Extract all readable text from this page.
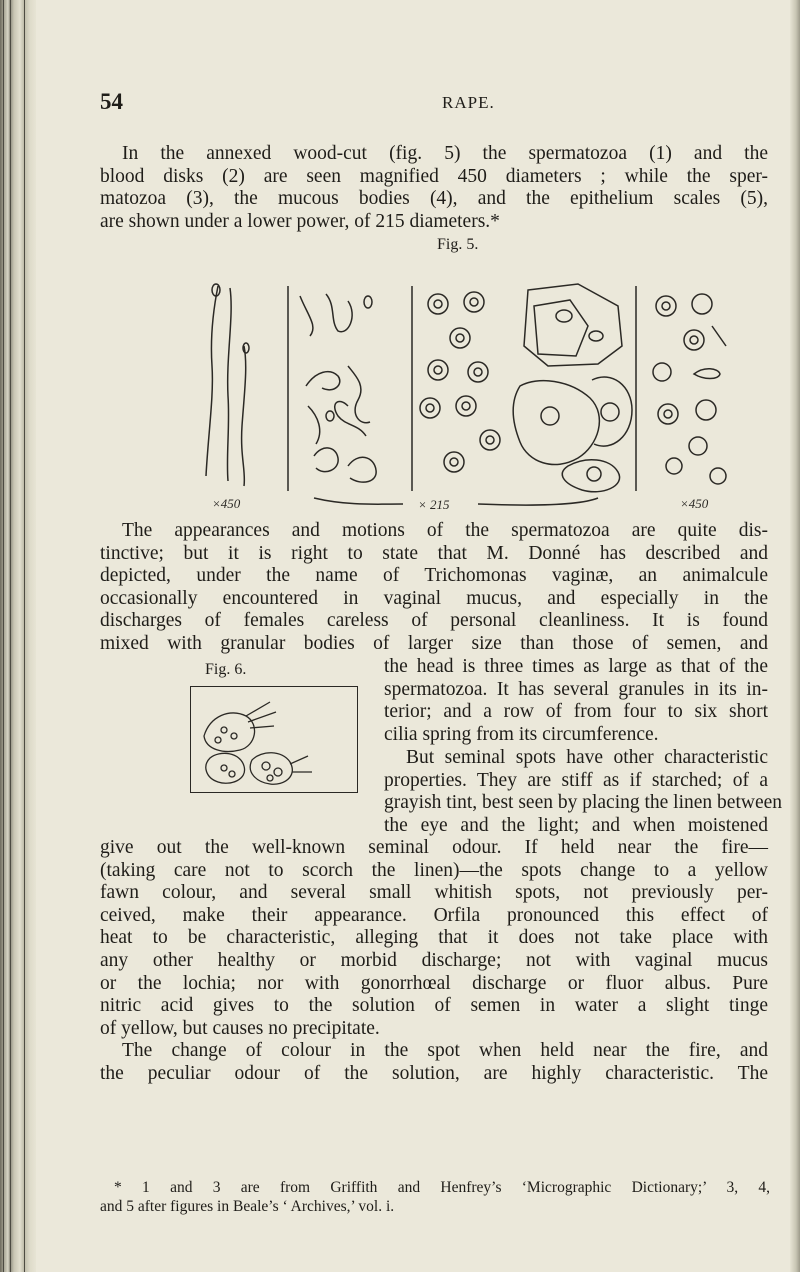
54	RAPE.
In the annexed wood-cut (fig. 5) the spermatozoa (1) and the
blood disks (2) are seen magnified 450 diameters ; while the sper-
matozoa (3), the mucous bodies (4), and the epithelium scales (5),
are shown under a lower power, of 215 diameters.*
Fig. 5.
×450	× 215	×450
The appearances and motions of the spermatozoa are quite dis-
tinctive; but it is right to state that M. Donné has described and
depicted, under the name of Trichomonas vaginæ, an animalcule
occasionally encountered in vaginal mucus, and especially in the
discharges of females careless of personal cleanliness. It is found
mixed with granular bodies of larger size than those of semen, and
Fig. 6.	the head is three times as large as that of the
spermatozoa. It has several granules in its in-
terior; and a row of from four to six short
cilia spring from its circumference.
But seminal spots have other characteristic
properties. They are stiff as if starched; of a
grayish tint, best seen by placing the linen between
the eye and the light; and when moistened
give out the well-known seminal odour. If held near the fire—
(taking care not to scorch the linen)—the spots change to a yellow
fawn colour, and several small whitish spots, not previously per-
ceived, make their appearance. Orfila pronounced this effect of
heat to be characteristic, alleging that it does not take place with
any other healthy or morbid discharge; not with vaginal mucus
or the lochia; nor with gonorrhœal discharge or fluor albus. Pure
nitric acid gives to the solution of semen in water a slight tinge
of yellow, but causes no precipitate.
The change of colour in the spot when held near the fire, and
the peculiar odour of the solution, are highly characteristic. The
* 1 and 3 are from Griffith and Henfrey’s ‘Micrographic Dictionary;’ 3, 4,
and 5 after figures in Beale’s ‘ Archives,’ vol. i.
